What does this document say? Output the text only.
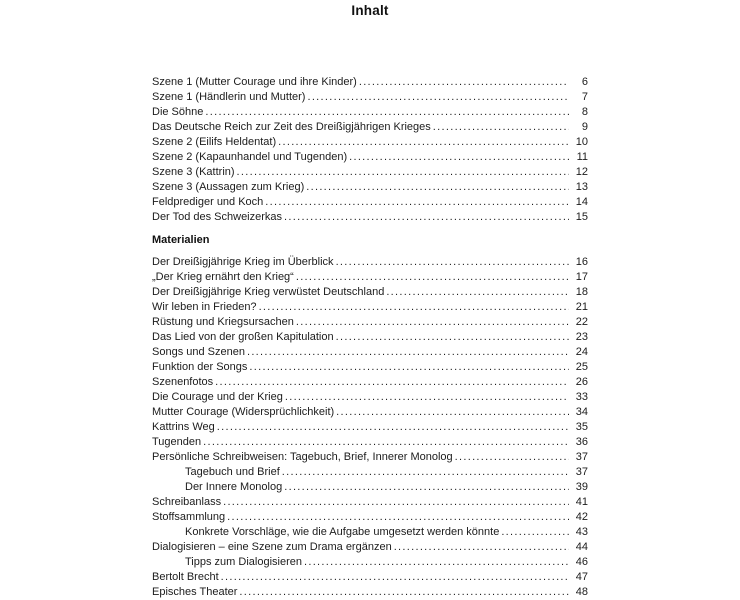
Inhalt
Szene 1 (Mutter Courage und ihre Kinder) .....	6
Szene 1 (Händlerin und Mutter) .....	7
Die Söhne .....	8
Das Deutsche Reich zur Zeit des Dreißigjährigen Krieges .....	9
Szene 2 (Eilifs Heldentat) .....	10
Szene 2 (Kapaunhandel und Tugenden) .....	11
Szene 3 (Kattrin) .....	12
Szene 3 (Aussagen zum Krieg) .....	13
Feldprediger und Koch .....	14
Der Tod des Schweizerkas .....	15
Materialien
Der Dreißigjährige Krieg im Überblick .....	16
„Der Krieg ernährt den Krieg“ .....	17
Der Dreißigjährige Krieg verwüstet Deutschland .....	18
Wir leben in Frieden? .....	21
Rüstung und Kriegsursachen .....	22
Das Lied von der großen Kapitulation .....	23
Songs und Szenen .....	24
Funktion der Songs .....	25
Szenenfotos .....	26
Die Courage und der Krieg .....	33
Mutter Courage (Widersprüchlichkeit) .....	34
Kattrins Weg .....	35
Tugenden .....	36
Persönliche Schreibweisen: Tagebuch, Brief, Innerer Monolog .....	37
Tagebuch und Brief .....	37
Der Innere Monolog .....	39
Schreibanlass .....	41
Stoffsammlung .....	42
Konkrete Vorschläge, wie die Aufgabe umgesetzt werden könnte .....	43
Dialogisieren – eine Szene zum Drama ergänzen .....	44
Tipps zum Dialogisieren .....	46
Bertolt Brecht .....	47
Episches Theater .....	48
